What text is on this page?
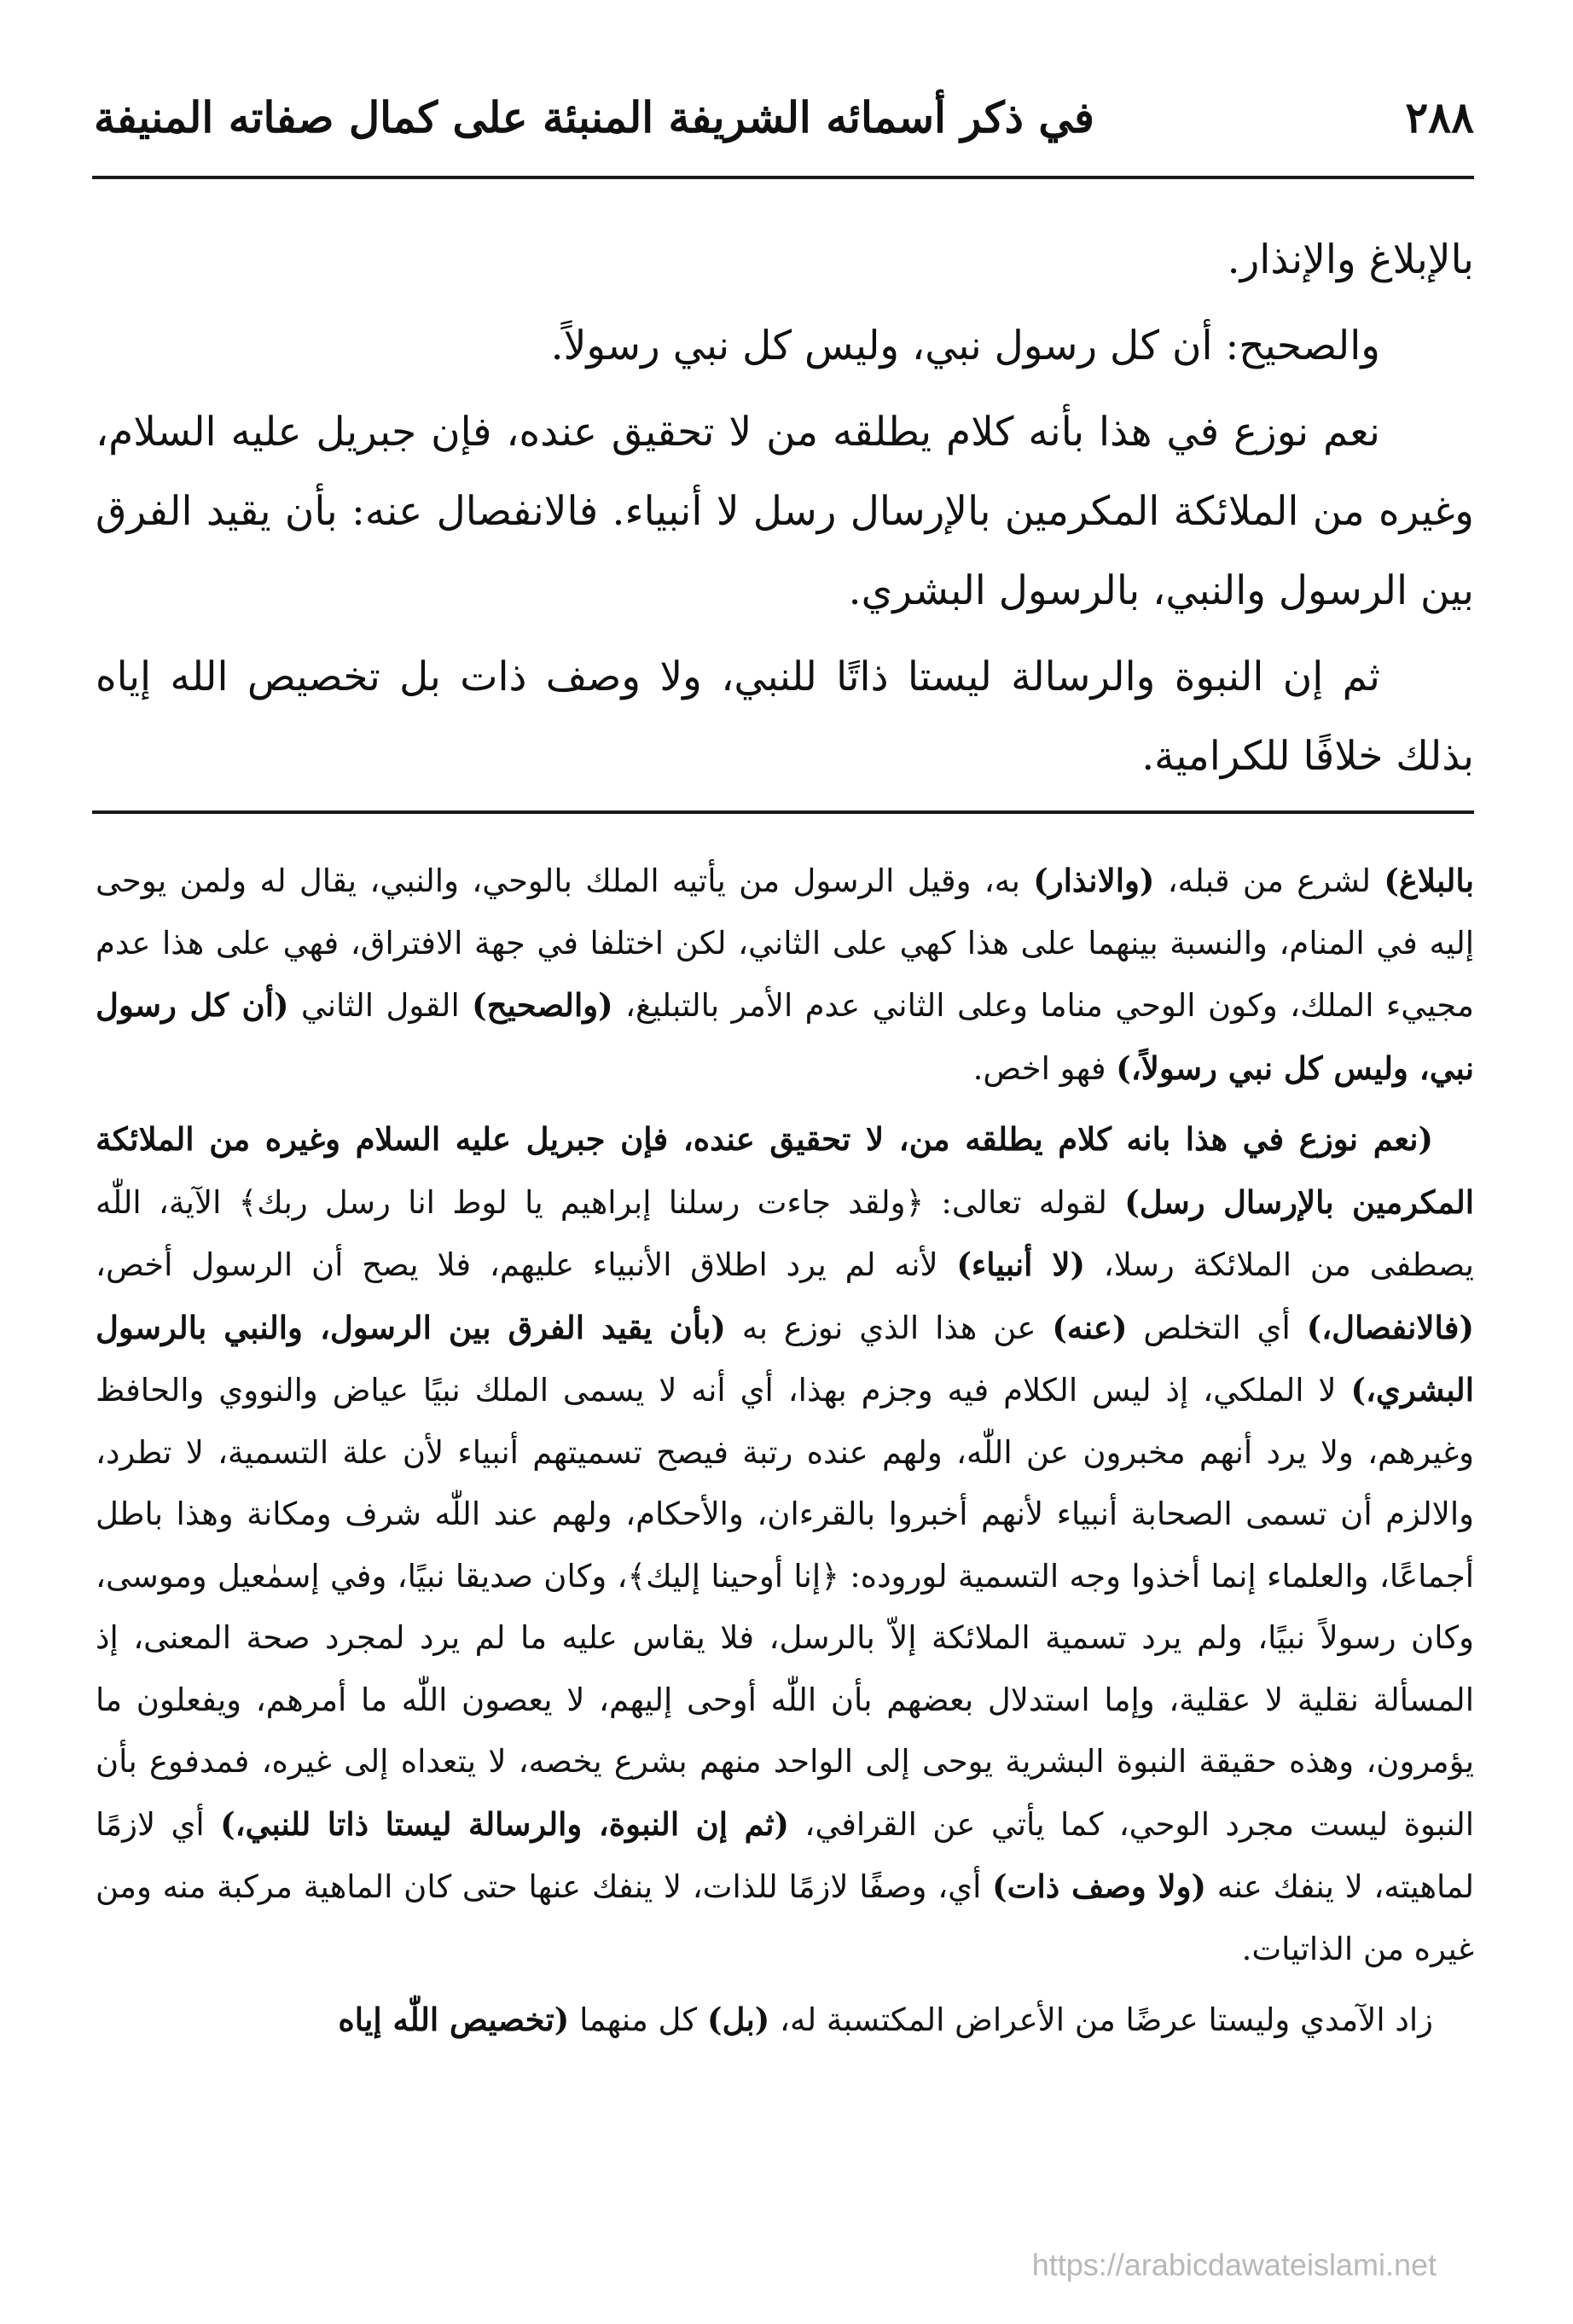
٢٨٨
في ذكر أسمائه الشريفة المنبئة على كمال صفاته المنيفة

بالإبلاغ والإنذار.

والصحيح: أن كل رسول نبي، وليس كل نبي رسولاً.

نعم نوزع في هذا بأنه كلام يطلقه من لا تحقيق عنده، فإن جبريل عليه السلام، وغيره من الملائكة المكرمين بالإرسال رسل لا أنبياء. فالانفصال عنه: بأن يقيد الفرق بين الرسول والنبي، بالرسول البشري.

ثم إن النبوة والرسالة ليستا ذاتًا للنبي، ولا وصف ذات بل تخصيص الله إياه بذلك خلافًا للكرامية.

بالبلاغ) لشرع من قبله، (والانذار) به، وقيل الرسول من يأتيه الملك بالوحي، والنبي، يقال له ولمن يوحى إليه في المنام، والنسبة بينهما على هذا كهي على الثاني، لكن اختلفا في جهة الافتراق، فهي على هذا عدم مجييء الملك، وكون الوحي مناما وعلى الثاني عدم الأمر بالتبليغ، (والصحيح) القول الثاني (أن كل رسول نبي، وليس كل نبي رسولاً،) فهو اخص.

(نعم نوزع في هذا بانه كلام يطلقه من، لا تحقيق عنده، فإن جبريل عليه السلام وغيره من الملائكة المكرمين بالإرسال رسل) لقوله تعالى: ﴿ولقد جاءت رسلنا إبراهيم يا لوط انا رسل ربك﴾ الآية، اللّٰه يصطفى من الملائكة رسلا، (لا أنبياء) لأنه لم يرد اطلاق الأنبياء عليهم، فلا يصح أن الرسول أخص، (فالانفصال،) أي التخلص (عنه) عن هذا الذي نوزع به (بأن يقيد الفرق بين الرسول، والنبي بالرسول البشري،) لا الملكي، إذ ليس الكلام فيه وجزم بهذا، أي أنه لا يسمى الملك نبيًا عياض والنووي والحافظ وغيرهم، ولا يرد أنهم مخبرون عن اللّٰه، ولهم عنده رتبة فيصح تسميتهم أنبياء لأن علة التسمية، لا تطرد، والالزم أن تسمى الصحابة أنبياء لأنهم أخبروا بالقرءان، والأحكام، ولهم عند اللّٰه شرف ومكانة وهذا باطل أجماعًا، والعلماء إنما أخذوا وجه التسمية لوروده: ﴿إنا أوحينا إليك﴾، وكان صديقا نبيًا، وفي إسمٰعيل وموسى، وكان رسولاً نبيًا، ولم يرد تسمية الملائكة إلاّ بالرسل، فلا يقاس عليه ما لم يرد لمجرد صحة المعنى، إذ المسألة نقلية لا عقلية، وإما استدلال بعضهم بأن اللّٰه أوحى إليهم، لا يعصون اللّٰه ما أمرهم، ويفعلون ما يؤمرون، وهذه حقيقة النبوة البشرية يوحى إلى الواحد منهم بشرع يخصه، لا يتعداه إلى غيره، فمدفوع بأن النبوة ليست مجرد الوحي، كما يأتي عن القرافي، (ثم إن النبوة، والرسالة ليستا ذاتا للنبي،) أي لازمًا لماهيته، لا ينفك عنه (ولا وصف ذات) أي، وصفًا لازمًا للذات، لا ينفك عنها حتى كان الماهية مركبة منه ومن غيره من الذاتيات.

زاد الآمدي وليستا عرضًا من الأعراض المكتسبة له، (بل) كل منهما (تخصيص اللّٰه إياه

https://arabicdawateislami.net
